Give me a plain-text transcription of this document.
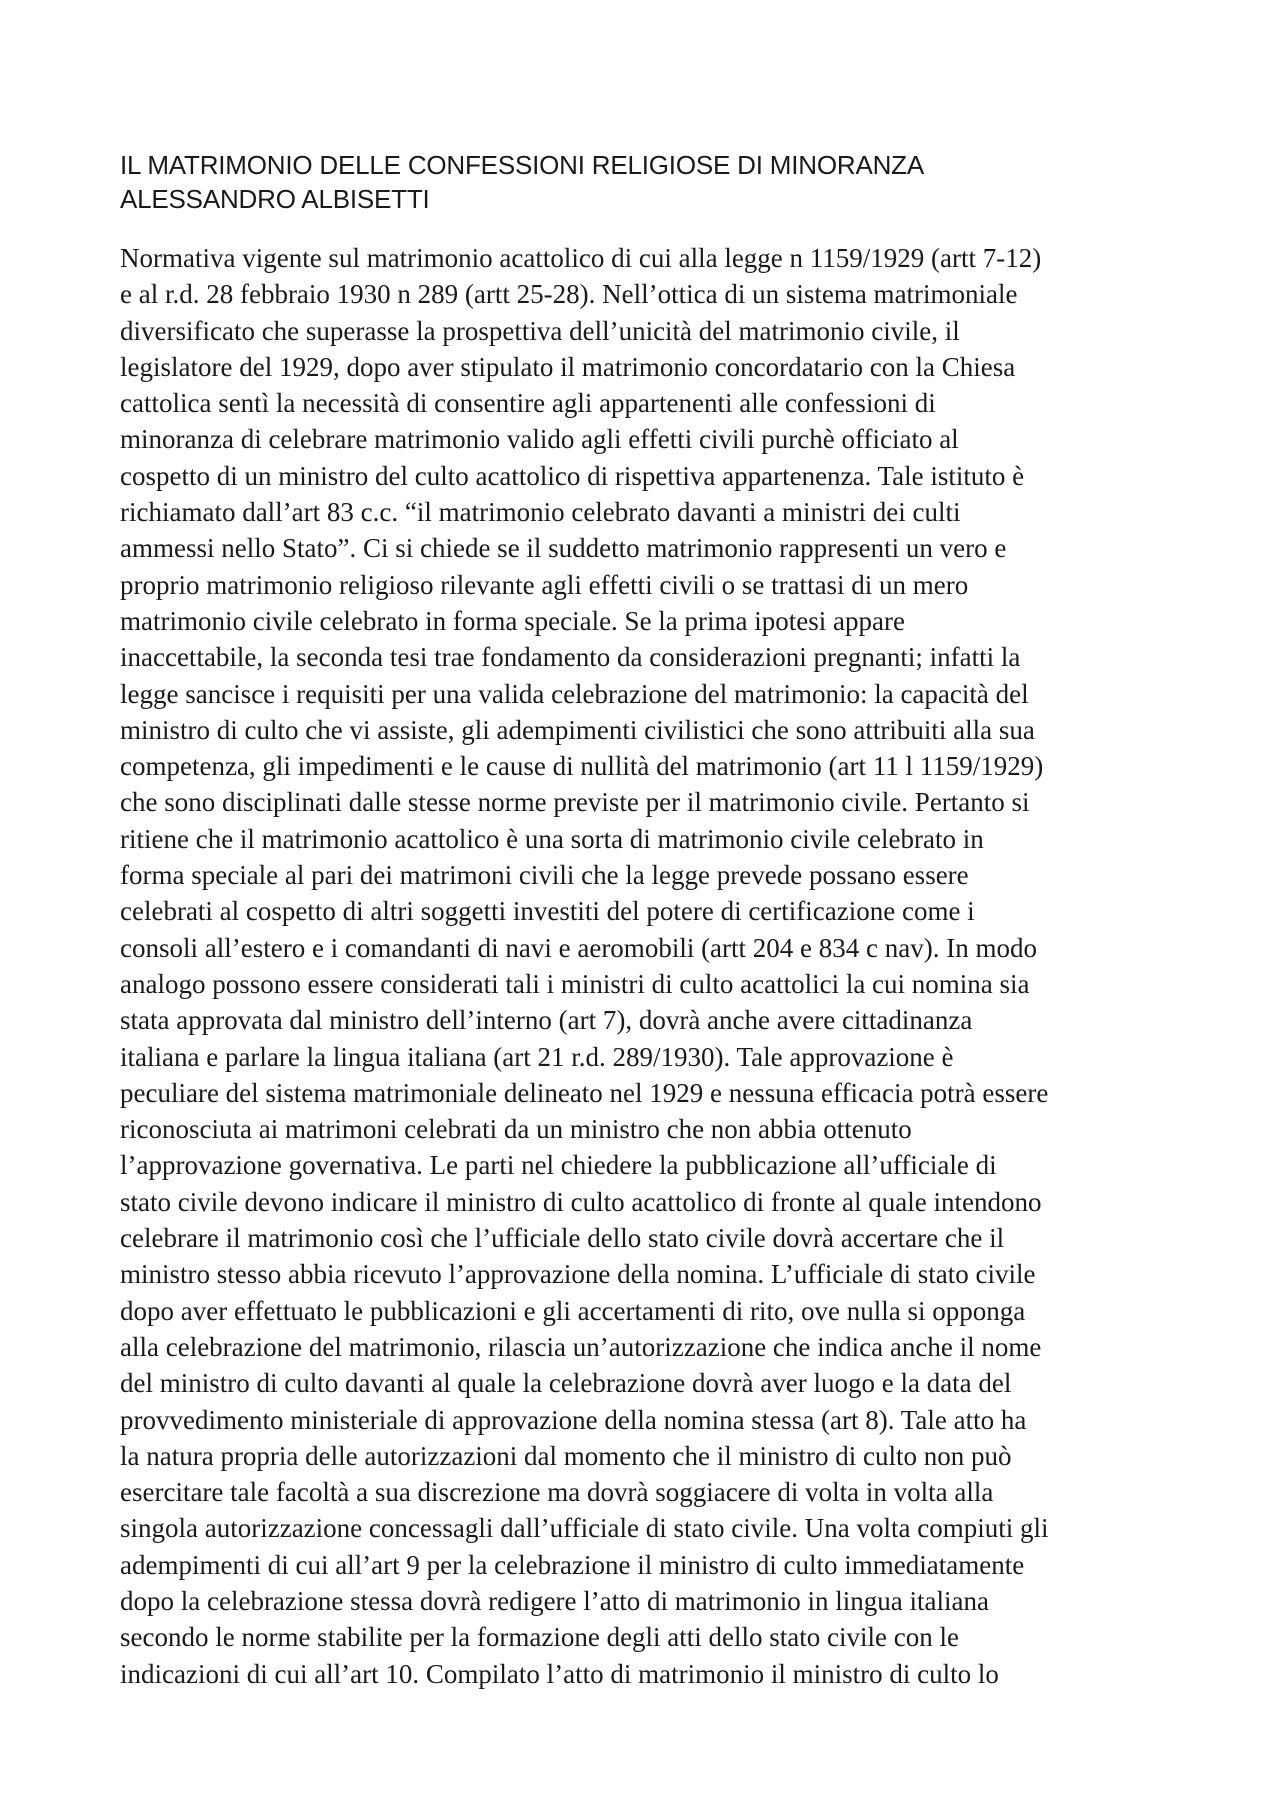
IL MATRIMONIO DELLE CONFESSIONI RELIGIOSE DI MINORANZA
ALESSANDRO ALBISETTI
Normativa vigente sul matrimonio acattolico di cui alla legge n 1159/1929 (artt 7-12)
e al r.d. 28 febbraio 1930 n 289 (artt 25-28). Nell’ottica di un sistema matrimoniale
diversificato che superasse la prospettiva dell’unicità del matrimonio civile, il
legislatore del 1929, dopo aver stipulato il matrimonio concordatario con la Chiesa
cattolica sentì la necessità di consentire agli appartenenti alle confessioni di
minoranza di celebrare matrimonio valido agli effetti civili purchè officiato al
cospetto di un ministro del culto acattolico di rispettiva appartenenza. Tale istituto è
richiamato dall’art 83 c.c. “il matrimonio celebrato davanti a ministri dei culti
ammessi nello Stato”. Ci si chiede se il suddetto matrimonio rappresenti un vero e
proprio matrimonio religioso rilevante agli effetti civili o se trattasi di un mero
matrimonio civile celebrato in forma speciale. Se la prima ipotesi appare
inaccettabile, la seconda tesi trae fondamento da considerazioni pregnanti; infatti la
legge sancisce i requisiti per una valida celebrazione del matrimonio: la capacità del
ministro di culto che vi assiste, gli adempimenti civilistici che sono attribuiti alla sua
competenza, gli impedimenti e le cause di nullità del matrimonio (art 11 l 1159/1929)
che sono disciplinati dalle stesse norme previste per il matrimonio civile. Pertanto si
ritiene che il matrimonio acattolico è una sorta di matrimonio civile celebrato in
forma speciale al pari dei matrimoni civili che la legge prevede possano essere
celebrati al cospetto di altri soggetti investiti del potere di certificazione come i
consoli all’estero e i comandanti di navi e aeromobili (artt 204 e 834 c nav). In modo
analogo possono essere considerati tali i ministri di culto acattolici la cui nomina sia
stata approvata dal ministro dell’interno (art 7), dovrà anche avere cittadinanza
italiana e parlare la lingua italiana (art 21 r.d. 289/1930). Tale approvazione è
peculiare del sistema matrimoniale delineato nel 1929 e nessuna efficacia potrà essere
riconosciuta ai matrimoni celebrati da un ministro che non abbia ottenuto
l’approvazione governativa. Le parti nel chiedere la pubblicazione all’ufficiale di
stato civile devono indicare il ministro di culto acattolico di fronte al quale intendono
celebrare il matrimonio così che l’ufficiale dello stato civile dovrà accertare che il
ministro stesso abbia ricevuto l’approvazione della nomina. L’ufficiale di stato civile
dopo aver effettuato le pubblicazioni e gli accertamenti di rito, ove nulla si opponga
alla celebrazione del matrimonio, rilascia un’autorizzazione che indica anche il nome
del ministro di culto davanti al quale la celebrazione dovrà aver luogo e la data del
provvedimento ministeriale di approvazione della nomina stessa (art 8). Tale atto ha
la natura propria delle autorizzazioni dal momento che il ministro di culto non può
esercitare tale facoltà a sua discrezione ma dovrà soggiacere di volta in volta alla
singola autorizzazione concessagli dall’ufficiale di stato civile. Una volta compiuti gli
adempimenti di cui all’art 9 per la celebrazione il ministro di culto immediatamente
dopo la celebrazione stessa dovrà redigere l’atto di matrimonio in lingua italiana
secondo le norme stabilite per la formazione degli atti dello stato civile con le
indicazioni di cui all’art 10. Compilato l’atto di matrimonio il ministro di culto lo
